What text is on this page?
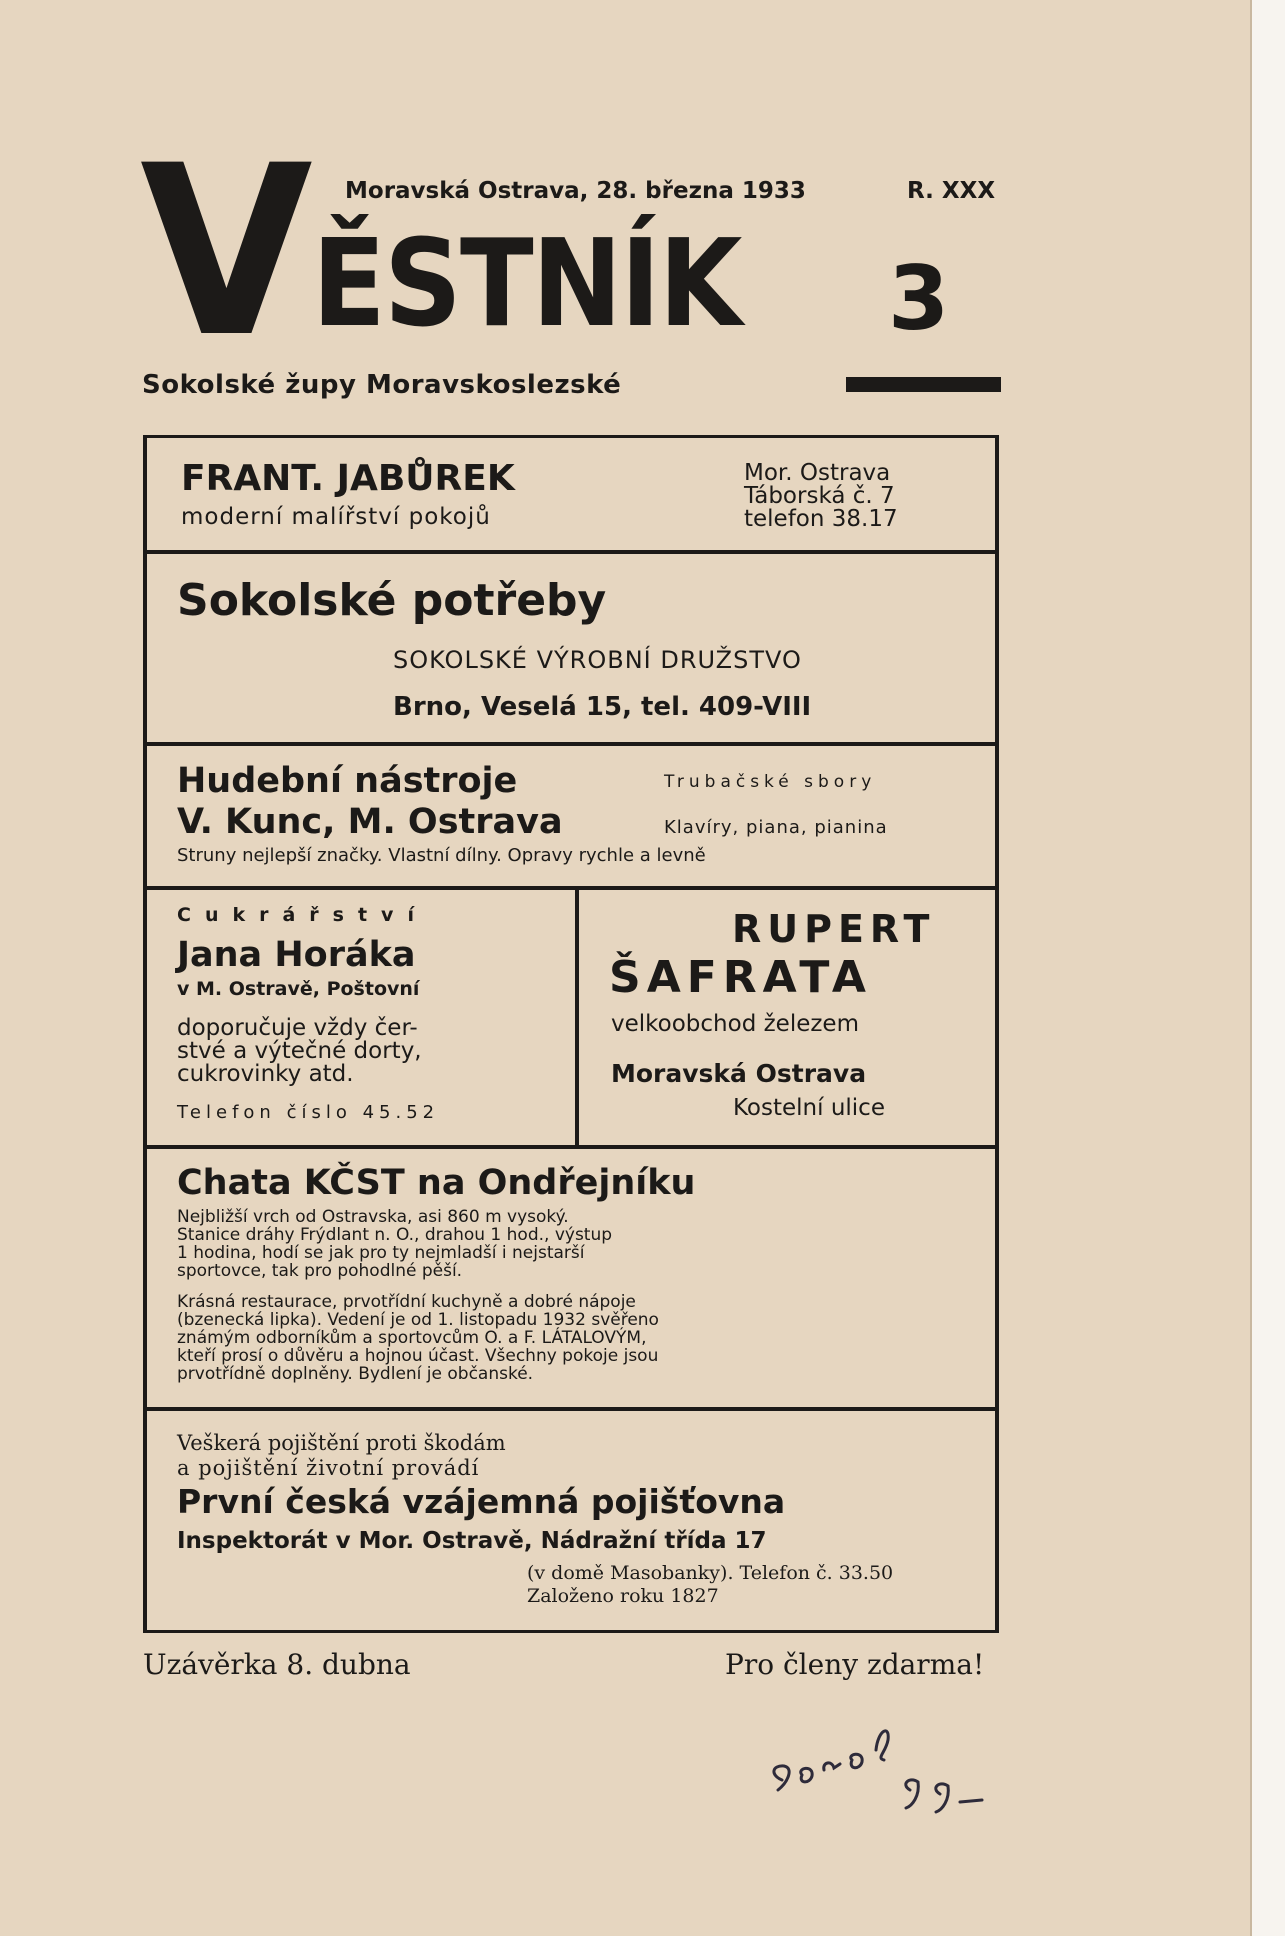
V ĚSTNÍK
Moravská Ostrava, 28. března 1933	R. XXX
3
Sokolské župy Moravskoslezské
FRANT. JABŮREK
moderní malířství pokojů
Mor. Ostrava
Táborská č. 7
telefon 38.17
Sokolské potřeby
SOKOLSKÉ VÝROBNÍ DRUŽSTVO
Brno, Veselá 15, tel. 409-VIII
Hudební nástroje	Trubačské sbory
V. Kunc, M. Ostrava	Klavíry, piana, pianina
Struny nejlepší značky. Vlastní dílny. Opravy rychle a levně
Cukrářství
Jana Horáka
v M. Ostravě, Poštovní
doporučuje vždy čer-
stvé a výtečné dorty,
cukrovinky atd.
Telefon číslo 45.52
RUPERT
ŠAFRATA
velkoobchod železem
Moravská Ostrava
Kostelní ulice
Chata KČST na Ondřejníku
Nejbližší vrch od Ostravska, asi 860 m vysoký.
Stanice dráhy Frýdlant n. O., drahou 1 hod., výstup
1 hodina, hodí se jak pro ty nejmladší i nejstarší
sportovce, tak pro pohodlné pěší.
Krásná restaurace, prvotřídní kuchyně a dobré nápoje
(bzenecká lipka). Vedení je od 1. listopadu 1932 svěřeno
známým odborníkům a sportovcům O. a F. LÁTALOVÝM,
kteří prosí o důvěru a hojnou účast. Všechny pokoje jsou
prvotřídně doplněny. Bydlení je občanské.
Veškerá pojištění proti škodám
a pojištění životní provádí
První česká vzájemná pojišťovna
Inspektorát v Mor. Ostravě, Nádražní třída 17
(v domě Masobanky). Telefon č. 33.50
Založeno roku 1827
Uzávěrka 8. dubna	Pro členy zdarma!
Sokol 99-
